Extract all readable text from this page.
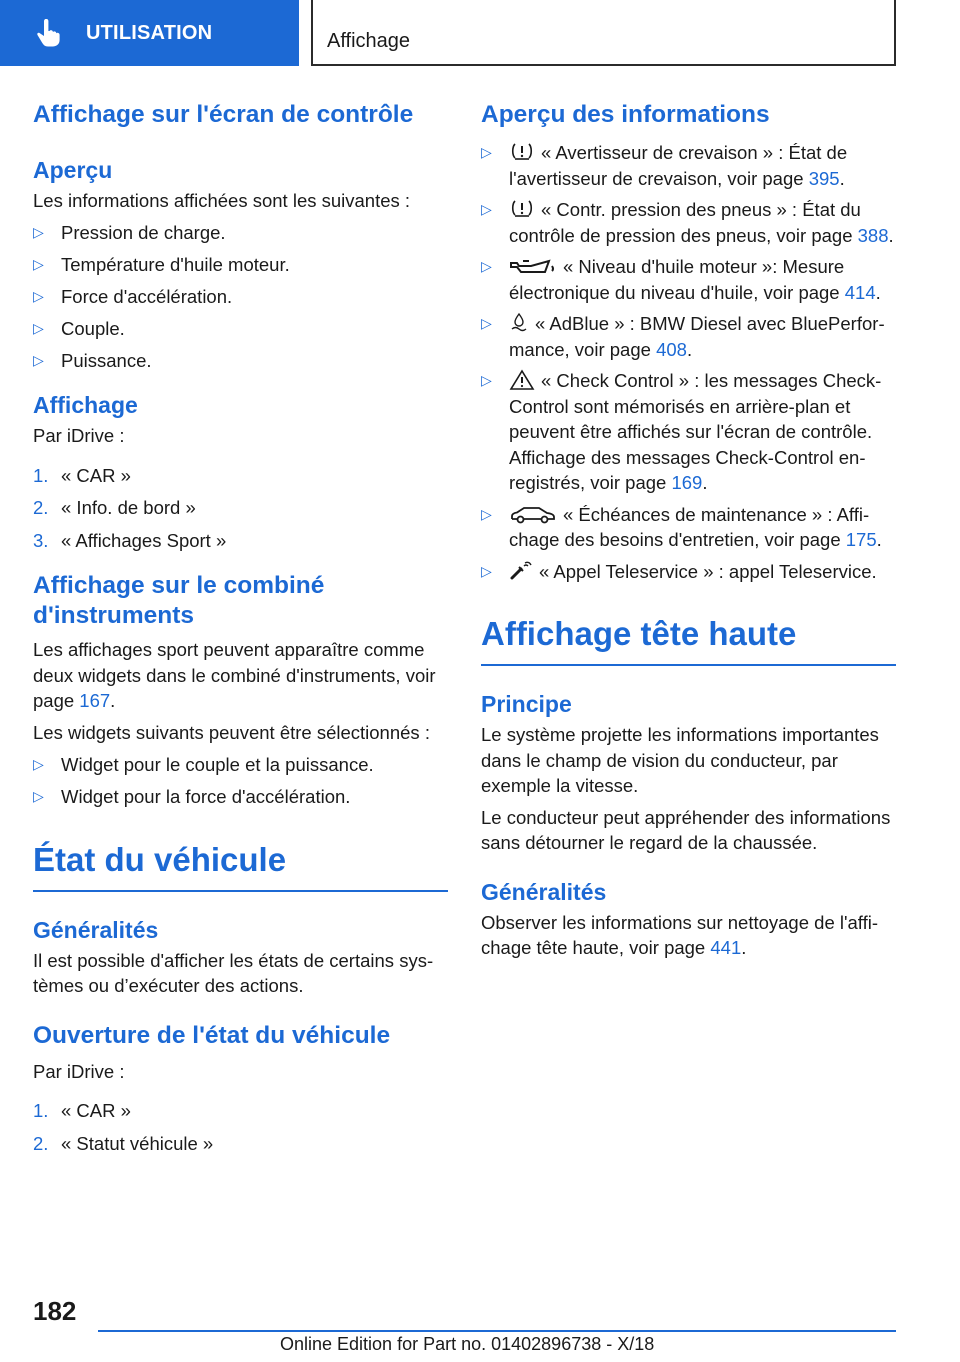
UTILISATION	Affichage
Affichage sur l'écran de contrôle
Aperçu

Les informations affichées sont les suivantes :

▷ Pression de charge.
▷ Température d'huile moteur.
▷ Force d'accélération.
▷ Couple.
▷ Puissance.
Affichage

Par iDrive :

1. « CAR »
2. « Info. de bord »
3. « Affichages Sport »
Affichage sur le combiné d'instruments

Les affichages sport peuvent apparaître comme deux widgets dans le combiné d'instruments, voir page 167.

Les widgets suivants peuvent être sélectionnés :

▷ Widget pour le couple et la puissance.
▷ Widget pour la force d'accélération.
État du véhicule
Généralités

Il est possible d'afficher les états de certains systèmes ou d’exécuter des actions.

Ouverture de l'état du véhicule

Par iDrive :

1. « CAR »
2. « Statut véhicule »
Aperçu des informations
▷	« Avertisseur de crevaison » : État de l'avertisseur de crevaison, voir page 395.
▷	« Contr. pression des pneus » : État du contrôle de pression des pneus, voir page 388.
▷	« Niveau d'huile moteur »: Mesure électronique du niveau d'huile, voir page 414.
▷ « AdBlue » : BMW Diesel avec BluePerformance, voir page 408.
▷	« Check Control » : les messages Check-Control sont mémorisés en arrière-plan et peuvent être affichés sur l'écran de contrôle. Affichage des messages Check-Control enregistrés, voir page 169.
▷	« Échéances de maintenance » : Affichage des besoins d'entretien, voir page 175.
▷	« Appel Teleservice » : appel Teleservice.
Affichage tête haute
Principe

Le système projette les informations importantes dans le champ de vision du conducteur, par exemple la vitesse.

Le conducteur peut appréhender des informations sans détourner le regard de la chaussée.

Généralités

Observer les informations sur nettoyage de l'affichage tête haute, voir page 441.

182
Online Edition for Part no. 01402896738 - X/18
